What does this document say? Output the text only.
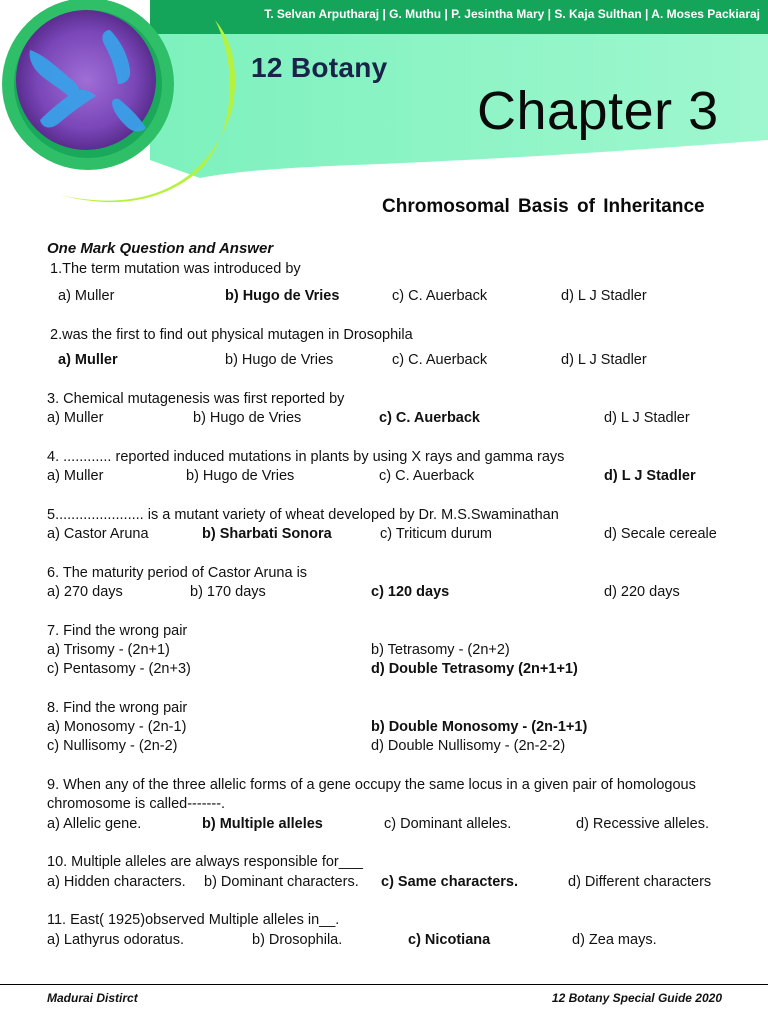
T. Selvan Arputharaj | G. Muthu | P. Jesintha Mary | S. Kaja Sulthan | A. Moses Packiaraj
12 Botany
Chapter 3
Chromosomal Basis of Inheritance
One Mark Question and Answer
1.The term mutation was introduced by
a) Muller	b) Hugo de Vries	c) C. Auerback	d) L J Stadler
2.was the first to find out physical mutagen in Drosophila
a) Muller	b) Hugo de Vries	c) C. Auerback	d) L J Stadler
3. Chemical mutagenesis was first reported by
a) Muller	b) Hugo de Vries	c) C. Auerback	d) L J Stadler
4. ............ reported induced mutations in plants by using X rays and gamma rays
a) Muller	b) Hugo de Vries	c) C. Auerback	d) L J Stadler
5...................... is a mutant variety of wheat developed by Dr. M.S.Swaminathan
a) Castor Aruna	b) Sharbati Sonora	c) Triticum durum	d) Secale cereale
6. The maturity period of Castor Aruna is
a) 270 days	b) 170 days	c) 120 days	d) 220 days
7. Find the wrong pair
a) Trisomy - (2n+1)	b) Tetrasomy - (2n+2)
c) Pentasomy - (2n+3)	d) Double Tetrasomy (2n+1+1)
8. Find the wrong pair
a) Monosomy - (2n-1)	b) Double Monosomy - (2n-1+1)
c) Nullisomy - (2n-2)	d) Double Nullisomy - (2n-2-2)
9. When any of the three allelic forms of a gene occupy the same locus in a given pair of homologous
chromosome is called-------.
a) Allelic gene.	b) Multiple alleles	c) Dominant alleles.	d) Recessive alleles.
10. Multiple alleles are always responsible for___
a) Hidden characters. b) Dominant characters. c) Same characters.	d) Different characters
11. East( 1925)observed Multiple alleles in__.
a) Lathyrus odoratus.	b) Drosophila.	c) Nicotiana	d) Zea mays.
Madurai Distirct	12 Botany Special Guide 2020
